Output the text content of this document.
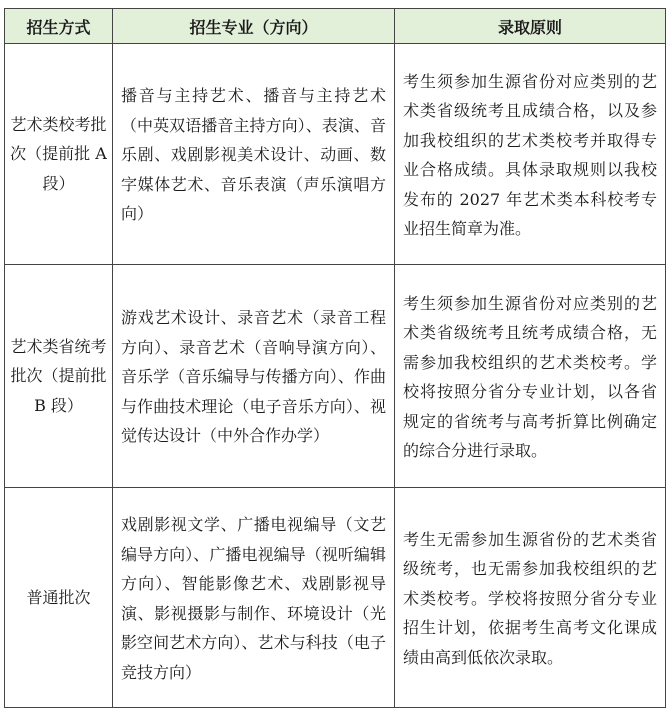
招生方式	招生专业（方向）	录取原则
艺术类校考批次（提前批 A 段）	播音与主持艺术、播音与主持艺术（中英双语播音主持方向）、表演、音乐剧、戏剧影视美术设计、动画、数字媒体艺术、音乐表演（声乐演唱方向）	考生须参加生源省份对应类别的艺术类省级统考且成绩合格，以及参加我校组织的艺术类校考并取得专业合格成绩。具体录取规则以我校发布的 2027 年艺术类本科校考专业招生简章为准。
艺术类省统考批次（提前批 B 段）	游戏艺术设计、录音艺术（录音工程方向）、录音艺术（音响导演方向）、音乐学（音乐编导与传播方向）、作曲与作曲技术理论（电子音乐方向）、视觉传达设计（中外合作办学）	考生须参加生源省份对应类别的艺术类省级统考且统考成绩合格，无需参加我校组织的艺术类校考。学校将按照分省分专业计划，以各省规定的省统考与高考折算比例确定的综合分进行录取。
普通批次	戏剧影视文学、广播电视编导（文艺编导方向）、广播电视编导（视听编辑方向）、智能影像艺术、戏剧影视导演、影视摄影与制作、环境设计（光影空间艺术方向）、艺术与科技（电子竞技方向）	考生无需参加生源省份的艺术类省级统考，也无需参加我校组织的艺术类校考。学校将按照分省分专业招生计划，依据考生高考文化课成绩由高到低依次录取。
